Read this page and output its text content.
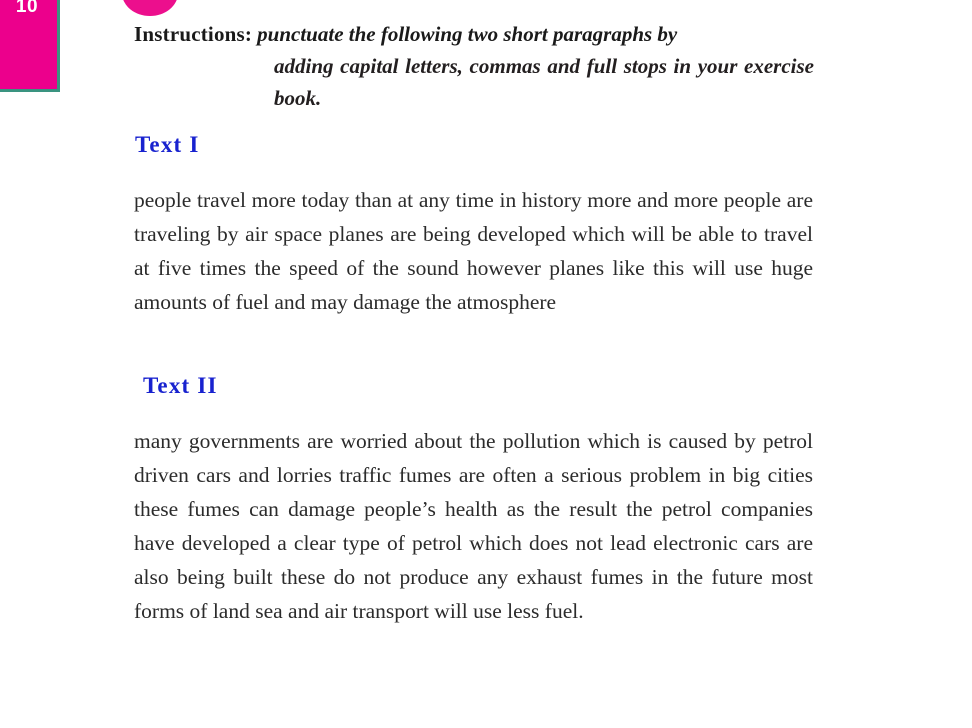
10
Instructions: punctuate the following two short paragraphs by
adding capital letters, commas and full stops in your exercise book.
Text I
people travel more today than at any time in history more and more people are traveling by air space planes are being developed which will be able to travel at five times the speed of the sound however planes like this will use huge amounts of fuel and may damage the atmosphere
Text II
many governments are worried about the pollution which is caused by petrol driven cars and lorries traffic fumes are often a serious problem in big cities these fumes can damage people’s health as the result the petrol companies have developed a clear type of petrol which does not lead electronic cars are also being built these do not produce any exhaust fumes in the future most forms of land sea and air transport will use less fuel.
